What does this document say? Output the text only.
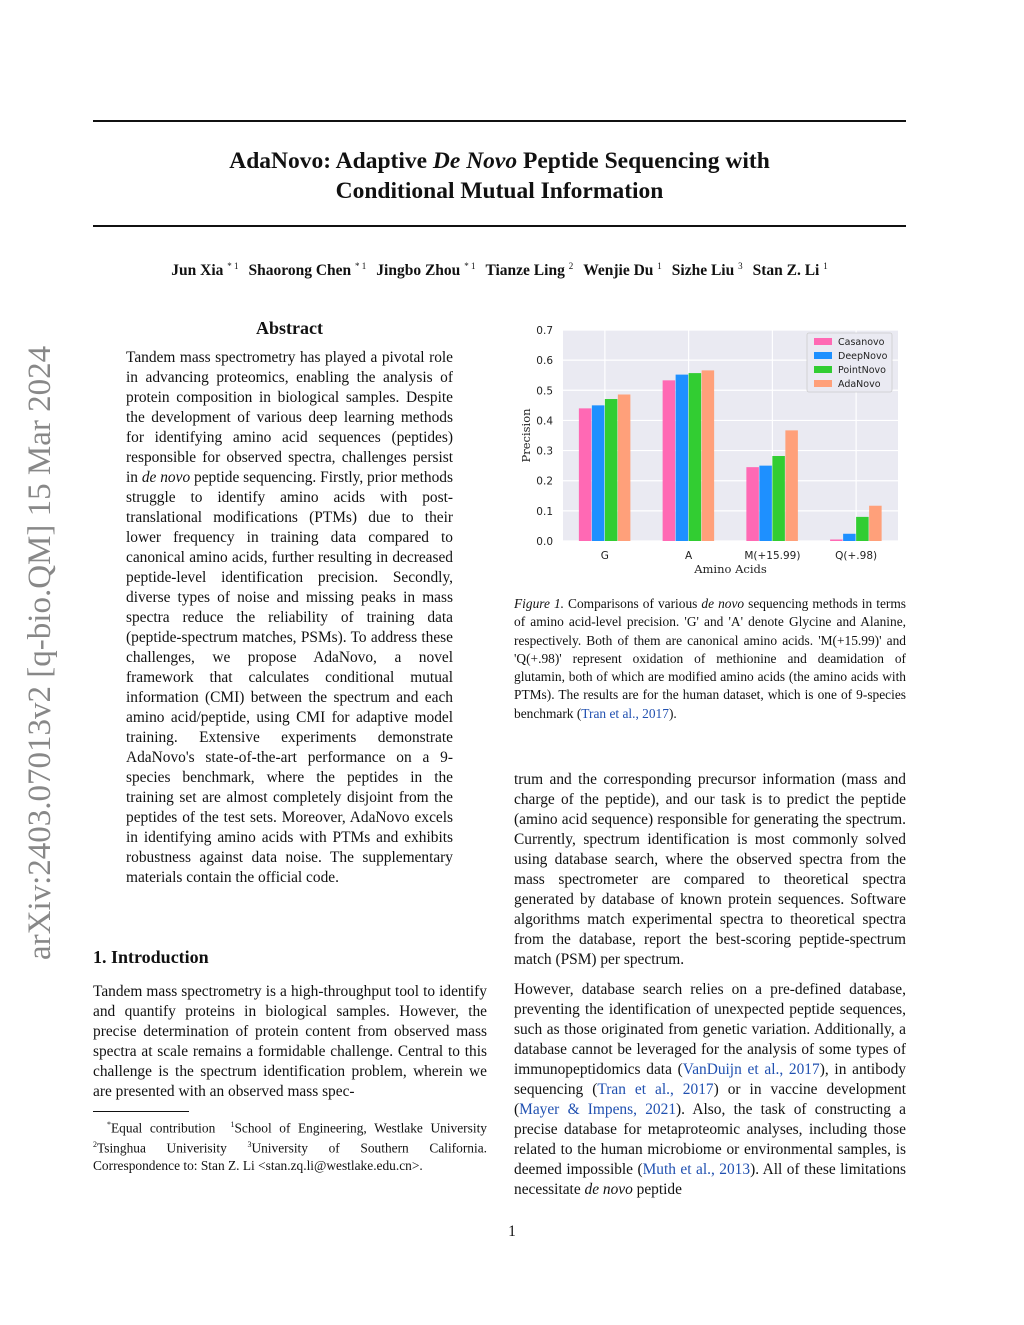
AdaNovo: Adaptive De Novo Peptide Sequencing with
Conditional Mutual Information
Jun Xia $^{* 1}$ Shaorong Chen $^{* 1}$ Jingbo Zhou $^{* 1}$ Tianze Ling $^2$ Wenjie Du $^1$ Sizhe Liu $^3$ Stan Z. Li $^1$
arXiv:2403.07013v2 [q-bio.QM] 15 Mar 2024
Abstract

Tandem mass spectrometry has played a pivotal role in advancing proteomics, enabling the analysis of protein composition in biological samples. Despite the development of various deep learning methods for identifying amino acid sequences (peptides) responsible for observed spectra, challenges persist in de novo peptide sequencing. Firstly, prior methods struggle to identify amino acids with post-translational modifications (PTMs) due to their lower frequency in training data compared to canonical amino acids, further resulting in decreased peptide-level identification precision. Secondly, diverse types of noise and missing peaks in mass spectra reduce the reliability of training data (peptide-spectrum matches, PSMs). To address these challenges, we propose AdaNovo, a novel framework that calculates conditional mutual information (CMI) between the spectrum and each amino acid/peptide, using CMI for adaptive model training. Extensive experiments demonstrate AdaNovo's state-of-the-art performance on a 9-species benchmark, where the peptides in the training set are almost completely disjoint from the peptides of the test sets. Moreover, AdaNovo excels in identifying amino acids with PTMs and exhibits robustness against data noise. The supplementary materials contain the official code.

1. Introduction

Tandem mass spectrometry is a high-throughput tool to identify and quantify proteins in biological samples. However, the precise determination of protein content from observed mass spectra at scale remains a formidable challenge. Central to this challenge is the spectrum identification problem, wherein we are presented with an observed mass spec-

*Equal contribution $^1$School of Engineering, Westlake University $^2$Tsinghua Univerisity	$^3$University of Southern California. Correspondence to: Stan Z. Li <stan.zq.li@westlake.edu.cn>.
0.0
0.1
0.2
0.3
0.4
0.5
0.6
0.7
G	A	M(+15.99)	Q(+.98)
Amino Acids
Precision
Casanovo
DeepNovo
PointNovo
AdaNovo
Figure 1. Comparisons of various de novo sequencing methods in terms of amino acid-level precision. 'G' and 'A' denote Glycine and Alanine, respectively. Both of them are canonical amino acids. 'M(+15.99)' and 'Q(+.98)' represent oxidation of methionine and deamidation of glutamin, both of which are modified amino acids (the amino acids with PTMs). The results are for the human dataset, which is one of 9-species benchmark (Tran et al., 2017).

trum and the corresponding precursor information (mass and charge of the peptide), and our task is to predict the peptide (amino acid sequence) responsible for generating the spectrum. Currently, spectrum identification is most commonly solved using database search, where the observed spectra from the mass spectrometer are compared to theoretical spectra generated by database of known protein sequences. Software algorithms match experimental spectra to theoretical spectra from the database, report the best-scoring peptide-spectrum match (PSM) per spectrum.

However, database search relies on a pre-defined database, preventing the identification of unexpected peptide sequences, such as those originated from genetic variation. Additionally, a database cannot be leveraged for the analysis of some types of immunopeptidomics data (VanDuijn et al., 2017), in antibody sequencing (Tran et al., 2017) or in vaccine development (Mayer & Impens, 2021). Also, the task of constructing a precise database for metaproteomic analyses, including those related to the human microbiome or environmental samples, is deemed impossible (Muth et al., 2013). All of these limitations necessitate de novo peptide

1
